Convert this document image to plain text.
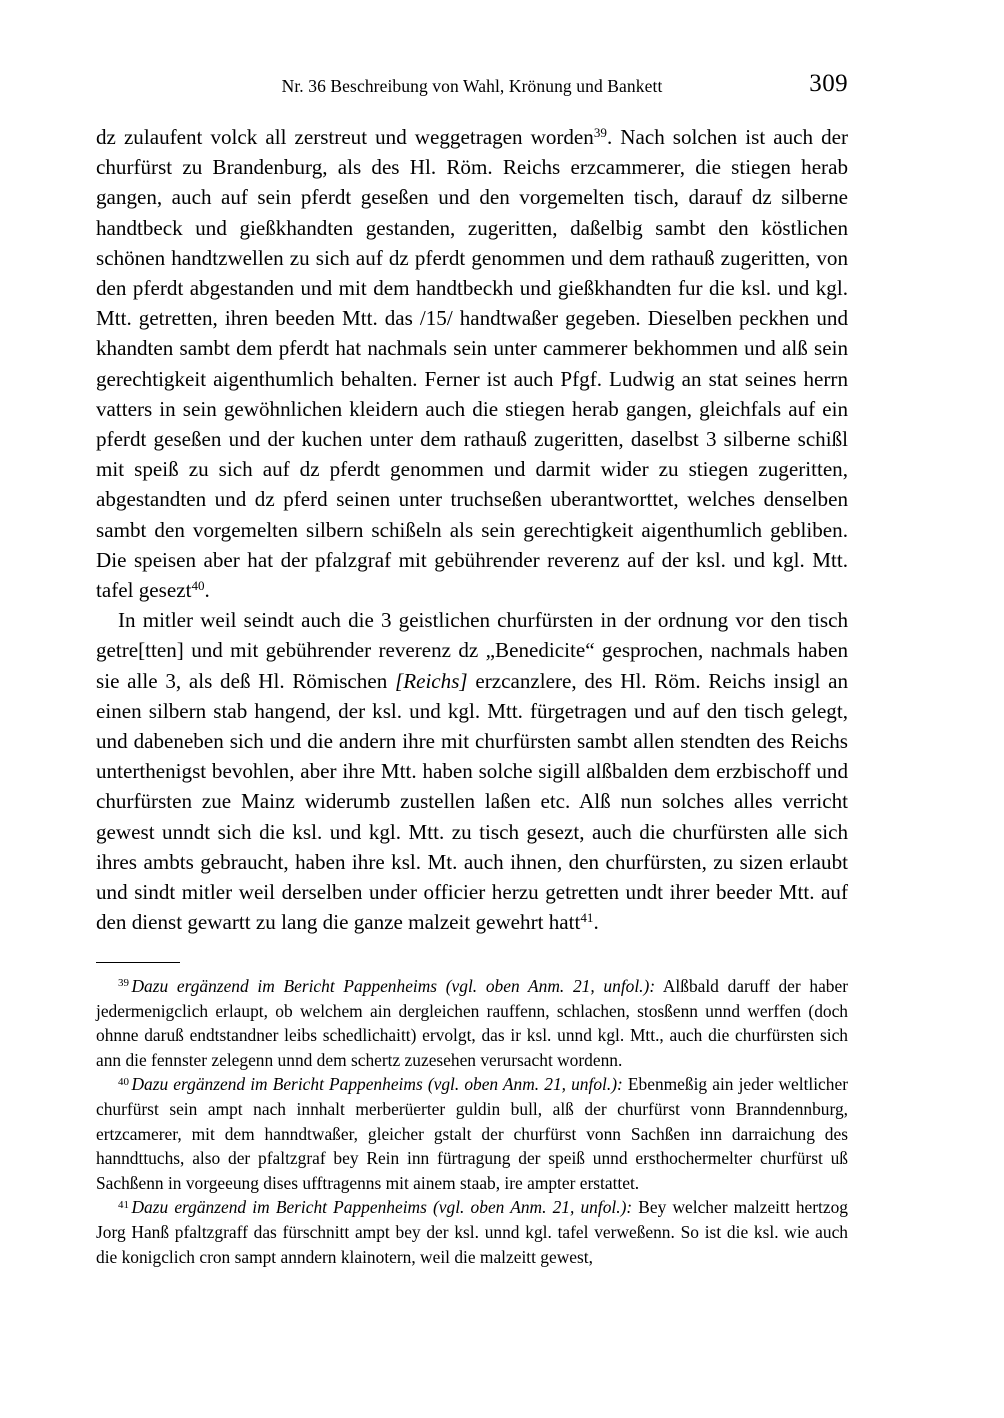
Nr. 36 Beschreibung von Wahl, Krönung und Bankett	309

dz zulaufent volck all zerstreut und weggetragen worden$^{39}$. Nach solchen ist auch der churfürst zu Brandenburg, als des Hl. Röm. Reichs erzcammerer, die stiegen herab gangen, auch auf sein pferdt geseßen und den vorgemelten tisch, darauf dz silberne handtbeck und gießkhandten gestanden, zugeritten, daßelbig sambt den köstlichen schönen handtzwellen zu sich auf dz pferdt genommen und dem rathauß zugeritten, von den pferdt abgestanden und mit dem handtbeckh und gießkhandten fur die ksl. und kgl. Mtt. getretten, ihren beeden Mtt. das /15/ handtwaßer gegeben. Dieselben peckhen und khandten sambt dem pferdt hat nachmals sein unter cammerer bekhommen und alß sein gerechtigkeit aigenthumlich behalten. Ferner ist auch Pfgf. Ludwig an stat seines herrn vatters in sein gewöhnlichen kleidern auch die stiegen herab gangen, gleichfals auf ein pferdt geseßen und der kuchen unter dem rathauß zugeritten, daselbst 3 silberne schißl mit speiß zu sich auf dz pferdt genommen und darmit wider zu stiegen zugeritten, abgestandten und dz pferd seinen unter truchseßen uberantworttet, welches denselben sambt den vorgemelten silbern schißeln als sein gerechtigkeit aigenthumlich gebliben. Die speisen aber hat der pfalzgraf mit gebührender reverenz auf der ksl. und kgl. Mtt. tafel gesezt$^{40}$.

In mitler weil seindt auch die 3 geistlichen churfürsten in der ordnung vor den tisch getre[tten] und mit gebührender reverenz dz „Benedicite“ gesprochen, nachmals haben sie alle 3, als deß Hl. Römischen [Reichs] erzcanzlere, des Hl. Röm. Reichs insigl an einen silbern stab hangend, der ksl. und kgl. Mtt. fürgetragen und auf den tisch gelegt, und dabeneben sich und die andern ihre mit churfürsten sambt allen stendten des Reichs unterthenigst bevohlen, aber ihre Mtt. haben solche sigill alßbalden dem erzbischoff und churfürsten zue Mainz widerumb zustellen laßen etc. Alß nun solches alles verricht gewest unndt sich die ksl. und kgl. Mtt. zu tisch gesezt, auch die churfürsten alle sich ihres ambts gebraucht, haben ihre ksl. Mt. auch ihnen, den churfürsten, zu sizen erlaubt und sindt mitler weil derselben under officier herzu getretten undt ihrer beeder Mtt. auf den dienst gewartt zu lang die ganze malzeit gewehrt hatt$^{41}$.

$^{39}$ Dazu ergänzend im Bericht Pappenheims (vgl. oben Anm. 21, unfol.): Alßbald daruff der haber jedermenigclich erlaupt, ob welchem ain dergleichen rauffenn, schlachen, stosßenn unnd werffen (doch ohnne daruß endtstandner leibs schedlichaitt) ervolgt, das ir ksl. unnd kgl. Mtt., auch die churfürsten sich ann die fennster zelegenn unnd dem schertz zuzesehen verursacht wordenn.

$^{40}$ Dazu ergänzend im Bericht Pappenheims (vgl. oben Anm. 21, unfol.): Ebenmeßig ain jeder weltlicher churfürst sein ampt nach innhalt merberüerter guldin bull, alß der churfürst vonn Branndennburg, ertzcamerer, mit dem hanndtwaßer, gleicher gstalt der churfürst vonn Sachßen inn darraichung des hanndttuchs, also der pfaltzgraf bey Rein inn fürtragung der speiß unnd ersthochermelter churfürst uß Sachßenn in vorgeeung dises ufftragenns mit ainem staab, ire ampter erstattet.

$^{41}$ Dazu ergänzend im Bericht Pappenheims (vgl. oben Anm. 21, unfol.): Bey welcher malzeitt hertzog Jorg Hanß pfaltzgraff das fürschnitt ampt bey der ksl. unnd kgl. tafel verweßenn. So ist die ksl. wie auch die konigclich cron sampt anndern klainotern, weil die malzeitt gewest,
